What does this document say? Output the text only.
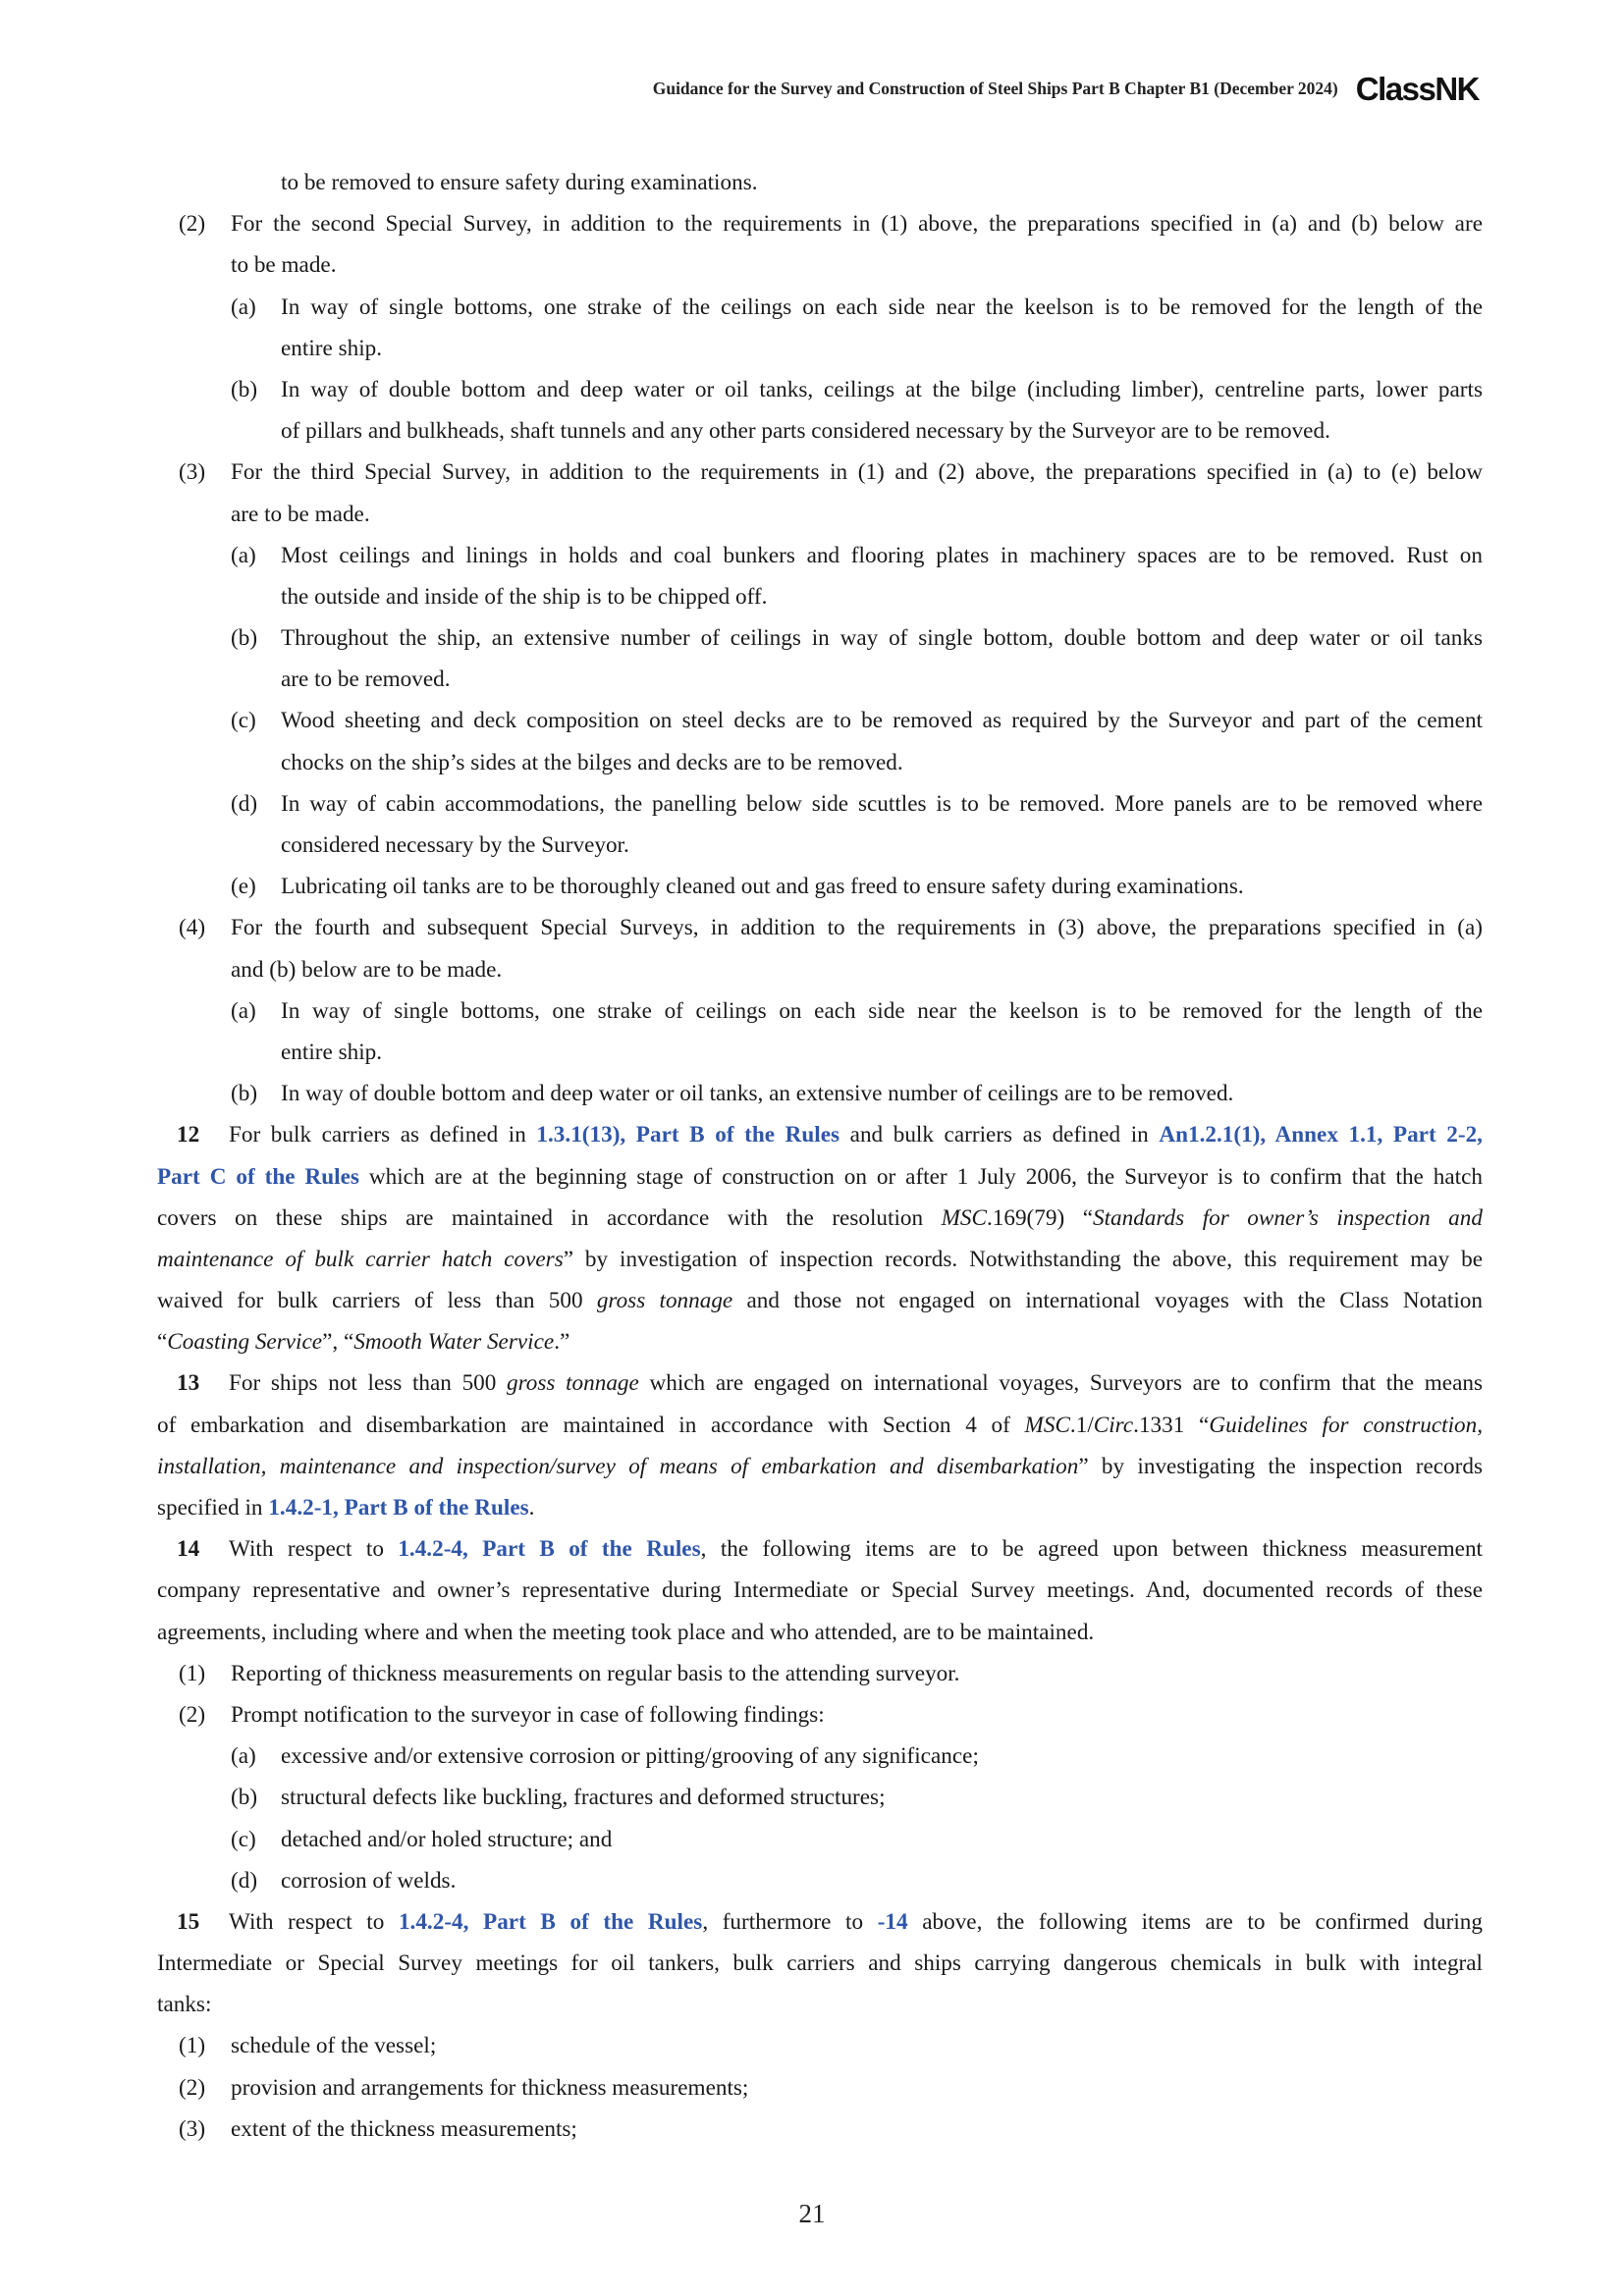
Guidance for the Survey and Construction of Steel Ships Part B Chapter B1 (December 2024) ClassNK
to be removed to ensure safety during examinations.
(2) For the second Special Survey, in addition to the requirements in (1) above, the preparations specified in (a) and (b) below are
to be made.
(a) In way of single bottoms, one strake of the ceilings on each side near the keelson is to be removed for the length of the
entire ship.
(b) In way of double bottom and deep water or oil tanks, ceilings at the bilge (including limber), centreline parts, lower parts
of pillars and bulkheads, shaft tunnels and any other parts considered necessary by the Surveyor are to be removed.
(3) For the third Special Survey, in addition to the requirements in (1) and (2) above, the preparations specified in (a) to (e) below
are to be made.
(a) Most ceilings and linings in holds and coal bunkers and flooring plates in machinery spaces are to be removed. Rust on
the outside and inside of the ship is to be chipped off.
(b) Throughout the ship, an extensive number of ceilings in way of single bottom, double bottom and deep water or oil tanks
are to be removed.
(c) Wood sheeting and deck composition on steel decks are to be removed as required by the Surveyor and part of the cement
chocks on the ship’s sides at the bilges and decks are to be removed.
(d) In way of cabin accommodations, the panelling below side scuttles is to be removed. More panels are to be removed where
considered necessary by the Surveyor.
(e) Lubricating oil tanks are to be thoroughly cleaned out and gas freed to ensure safety during examinations.
(4) For the fourth and subsequent Special Surveys, in addition to the requirements in (3) above, the preparations specified in (a)
and (b) below are to be made.
(a) In way of single bottoms, one strake of ceilings on each side near the keelson is to be removed for the length of the
entire ship.
(b) In way of double bottom and deep water or oil tanks, an extensive number of ceilings are to be removed.
12 For bulk carriers as defined in 1.3.1(13), Part B of the Rules and bulk carriers as defined in An1.2.1(1), Annex 1.1, Part 2-2,
Part C of the Rules which are at the beginning stage of construction on or after 1 July 2006, the Surveyor is to confirm that the hatch
covers on these ships are maintained in accordance with the resolution MSC.169(79) “Standards for owner’s inspection and
maintenance of bulk carrier hatch covers” by investigation of inspection records. Notwithstanding the above, this requirement may be
waived for bulk carriers of less than 500 gross tonnage and those not engaged on international voyages with the Class Notation
“Coasting Service”, “Smooth Water Service.”
13 For ships not less than 500 gross tonnage which are engaged on international voyages, Surveyors are to confirm that the means
of embarkation and disembarkation are maintained in accordance with Section 4 of MSC.1/Circ.1331 “Guidelines for construction,
installation, maintenance and inspection/survey of means of embarkation and disembarkation” by investigating the inspection records
specified in 1.4.2-1, Part B of the Rules.
14 With respect to 1.4.2-4, Part B of the Rules, the following items are to be agreed upon between thickness measurement
company representative and owner’s representative during Intermediate or Special Survey meetings. And, documented records of these
agreements, including where and when the meeting took place and who attended, are to be maintained.
(1) Reporting of thickness measurements on regular basis to the attending surveyor.
(2) Prompt notification to the surveyor in case of following findings:
(a) excessive and/or extensive corrosion or pitting/grooving of any significance;
(b) structural defects like buckling, fractures and deformed structures;
(c) detached and/or holed structure; and
(d) corrosion of welds.
15 With respect to 1.4.2-4, Part B of the Rules, furthermore to -14 above, the following items are to be confirmed during
Intermediate or Special Survey meetings for oil tankers, bulk carriers and ships carrying dangerous chemicals in bulk with integral
tanks:
(1) schedule of the vessel;
(2) provision and arrangements for thickness measurements;
(3) extent of the thickness measurements;
21
